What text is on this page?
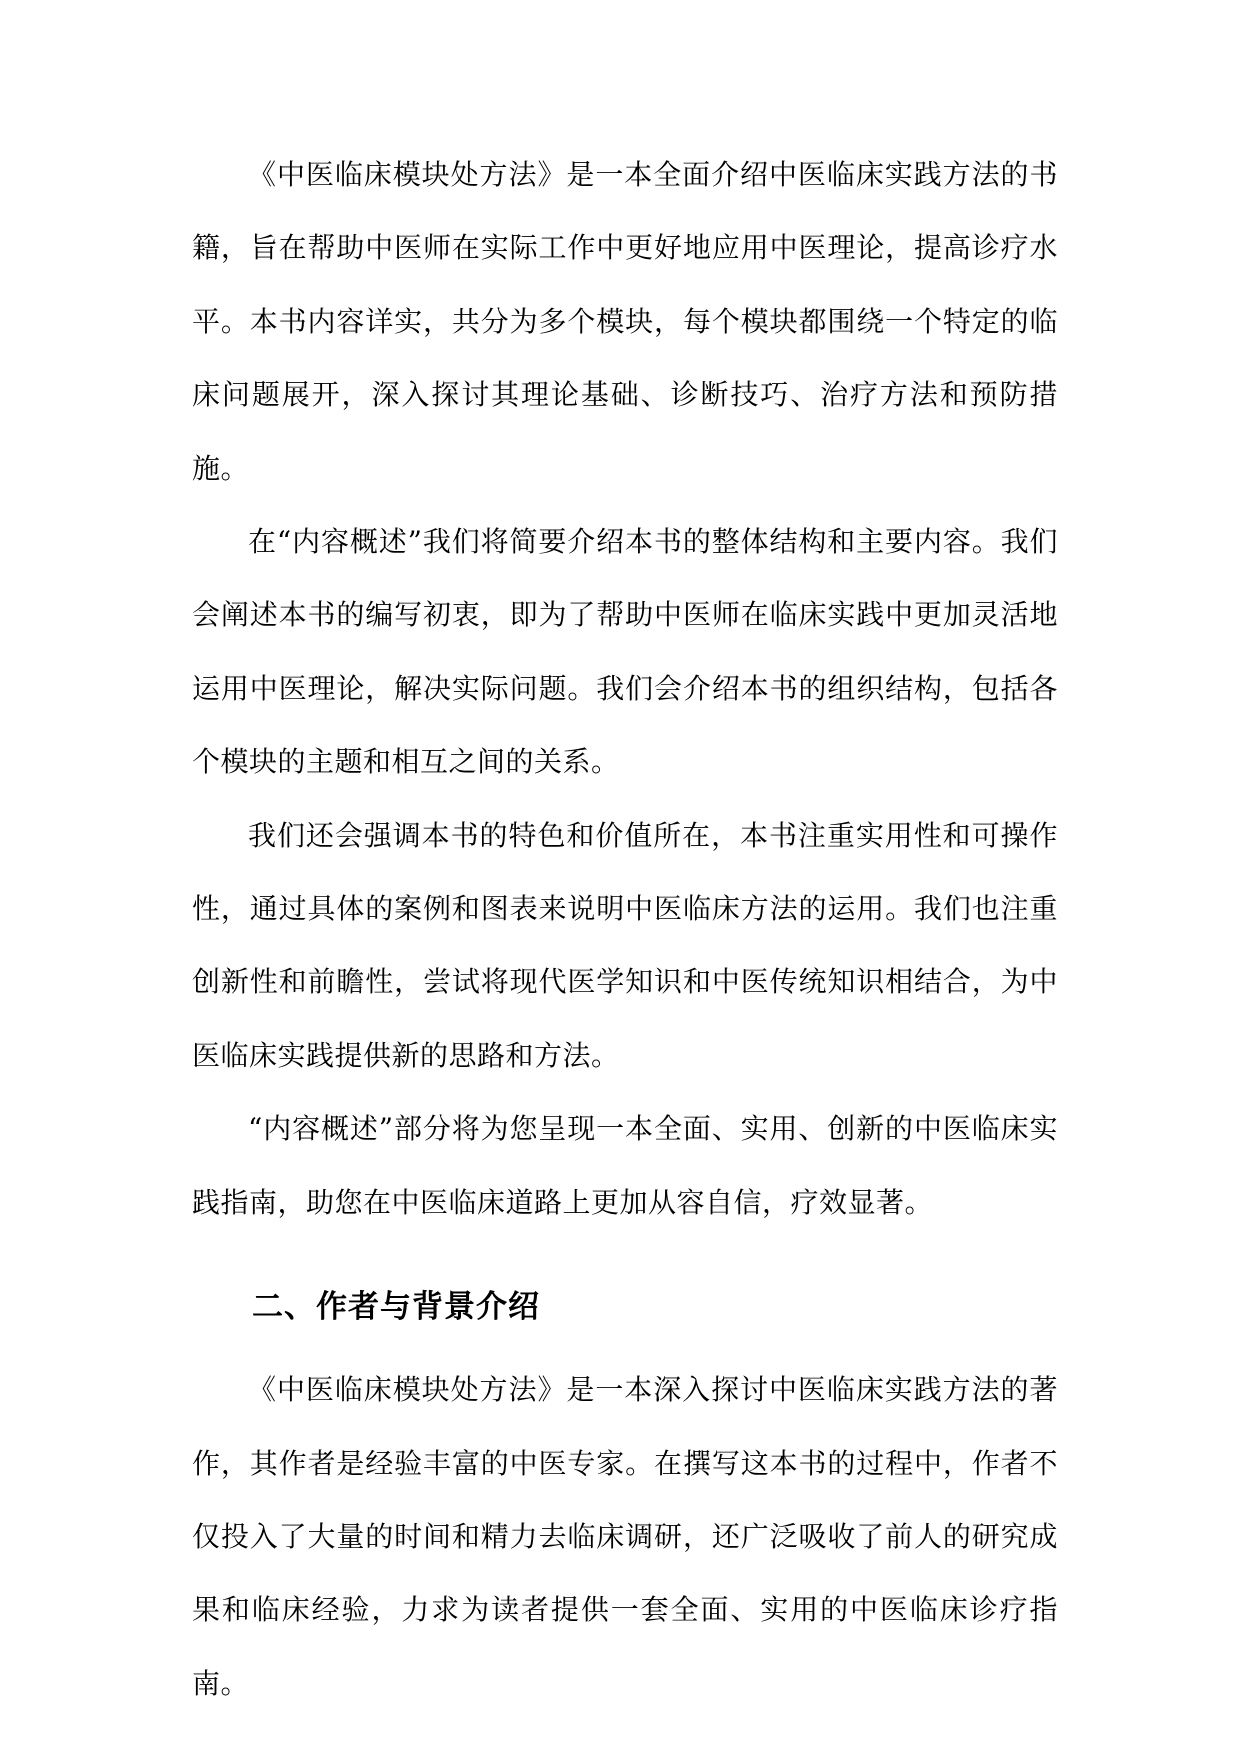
《中医临床模块处方法》是一本全面介绍中医临床实践方法的书籍，旨在帮助中医师在实际工作中更好地应用中医理论，提高诊疗水平。本书内容详实，共分为多个模块，每个模块都围绕一个特定的临床问题展开，深入探讨其理论基础、诊断技巧、治疗方法和预防措施。

在“内容概述”我们将简要介绍本书的整体结构和主要内容。我们会阐述本书的编写初衷，即为了帮助中医师在临床实践中更加灵活地运用中医理论，解决实际问题。我们会介绍本书的组织结构，包括各个模块的主题和相互之间的关系。

我们还会强调本书的特色和价值所在，本书注重实用性和可操作性，通过具体的案例和图表来说明中医临床方法的运用。我们也注重创新性和前瞻性，尝试将现代医学知识和中医传统知识相结合，为中医临床实践提供新的思路和方法。

“内容概述”部分将为您呈现一本全面、实用、创新的中医临床实践指南，助您在中医临床道路上更加从容自信，疗效显著。

二、作者与背景介绍

《中医临床模块处方法》是一本深入探讨中医临床实践方法的著作，其作者是经验丰富的中医专家。在撰写这本书的过程中，作者不仅投入了大量的时间和精力去临床调研，还广泛吸收了前人的研究成果和临床经验，力求为读者提供一套全面、实用的中医临床诊疗指南。
